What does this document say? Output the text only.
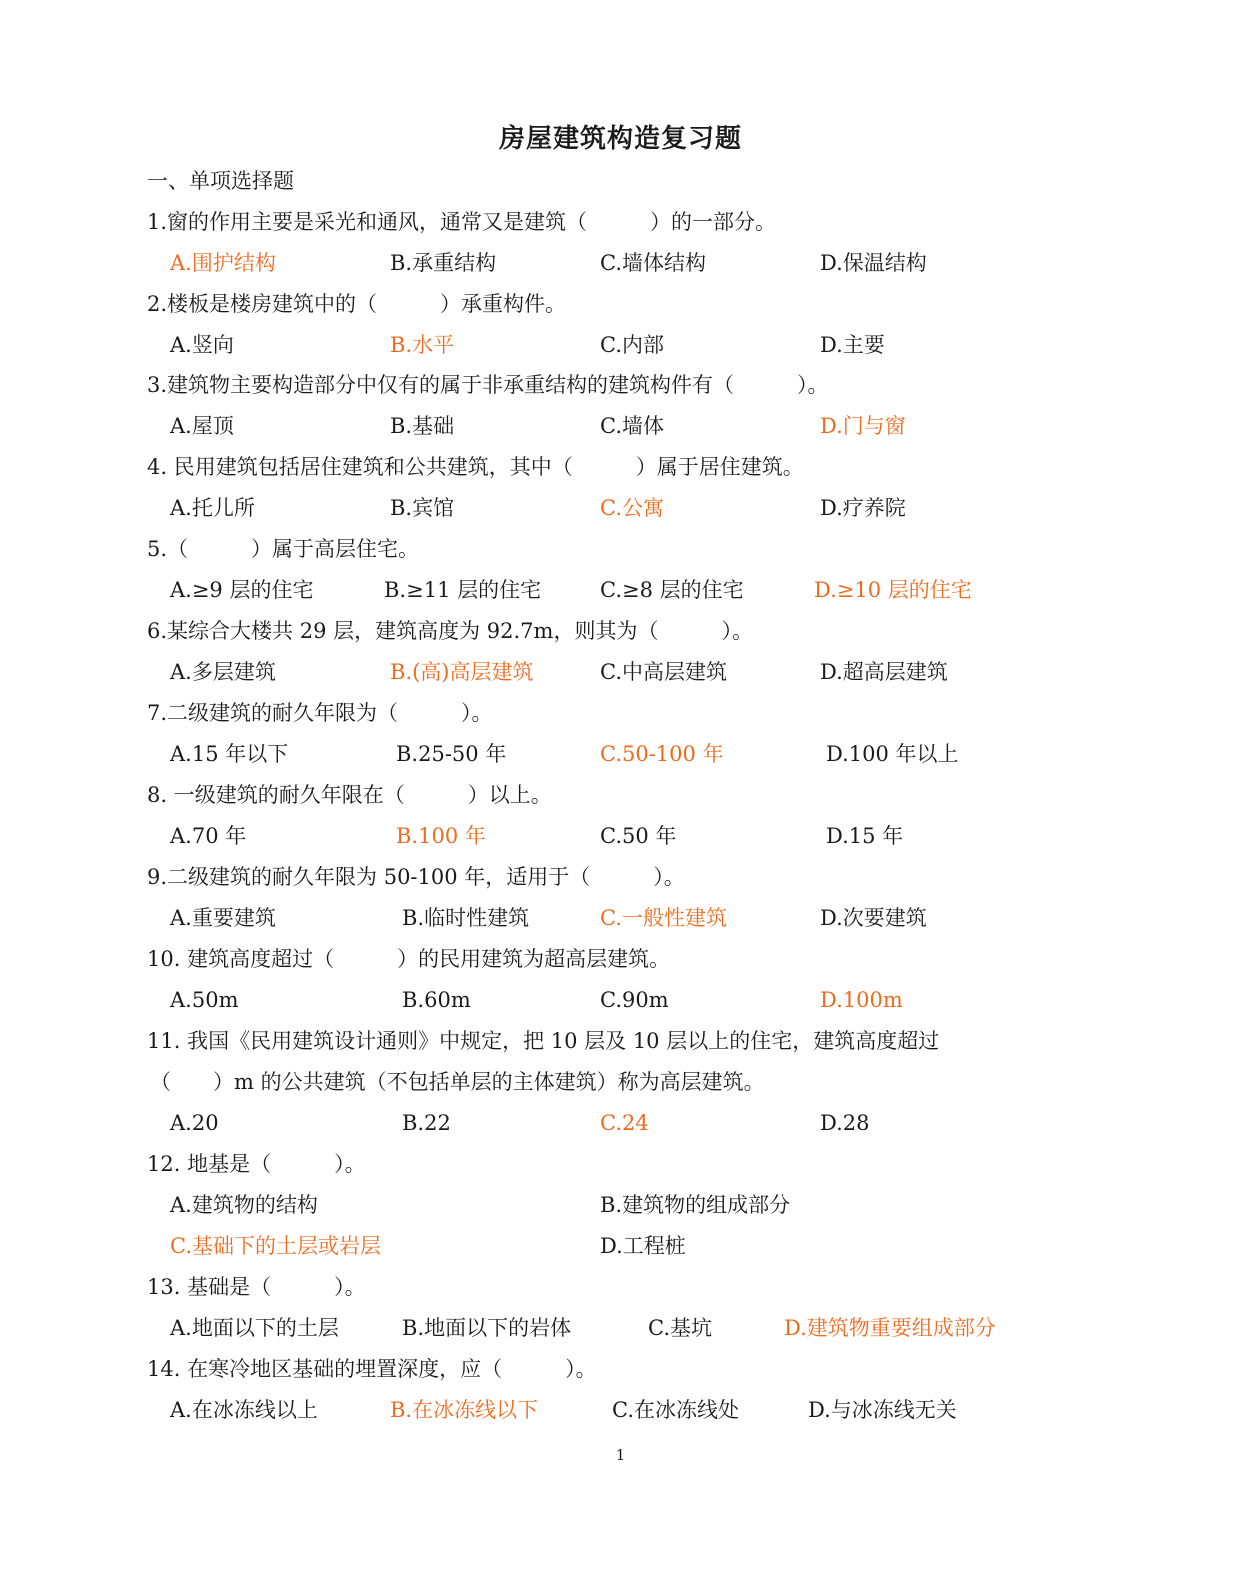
房屋建筑构造复习题
一、单项选择题
1.窗的作用主要是采光和通风，通常又是建筑（　　　）的一部分。
A.围护结构	B.承重结构	C.墙体结构	D.保温结构
2.楼板是楼房建筑中的（　　　）承重构件。
A.竖向	B.水平	C.内部	D.主要
3.建筑物主要构造部分中仅有的属于非承重结构的建筑构件有（　　　）。
A.屋顶	B.基础	C.墙体	D.门与窗
4. 民用建筑包括居住建筑和公共建筑，其中（　　　）属于居住建筑。
A.托儿所	B.宾馆	C.公寓	D.疗养院
5.（　　　）属于高层住宅。
A.≥9 层的住宅	B.≥11 层的住宅	C.≥8 层的住宅	D.≥10 层的住宅
6.某综合大楼共 29 层，建筑高度为 92.7m，则其为（　　　）。
A.多层建筑	B.(高)高层建筑	C.中高层建筑	D.超高层建筑
7.二级建筑的耐久年限为（　　　）。
A.15 年以下	B.25-50 年	C.50-100 年	D.100 年以上
8. 一级建筑的耐久年限在（　　　）以上。
A.70 年	B.100 年	C.50 年	D.15 年
9.二级建筑的耐久年限为 50-100 年，适用于（　　　）。
A.重要建筑	B.临时性建筑	C.一般性建筑	D.次要建筑
10. 建筑高度超过（　　　）的民用建筑为超高层建筑。
A.50m	B.60m	C.90m	D.100m
11. 我国《民用建筑设计通则》中规定，把 10 层及 10 层以上的住宅，建筑高度超过
（　　）m 的公共建筑（不包括单层的主体建筑）称为高层建筑。
A.20	B.22	C.24	D.28
12. 地基是（　　　）。
A.建筑物的结构	B.建筑物的组成部分
C.基础下的土层或岩层	D.工程桩
13. 基础是（　　　）。
A.地面以下的土层	B.地面以下的岩体	C.基坑	D.建筑物重要组成部分
14. 在寒冷地区基础的埋置深度，应（　　　）。
A.在冰冻线以上	B.在冰冻线以下	C.在冰冻线处	D.与冰冻线无关
1
